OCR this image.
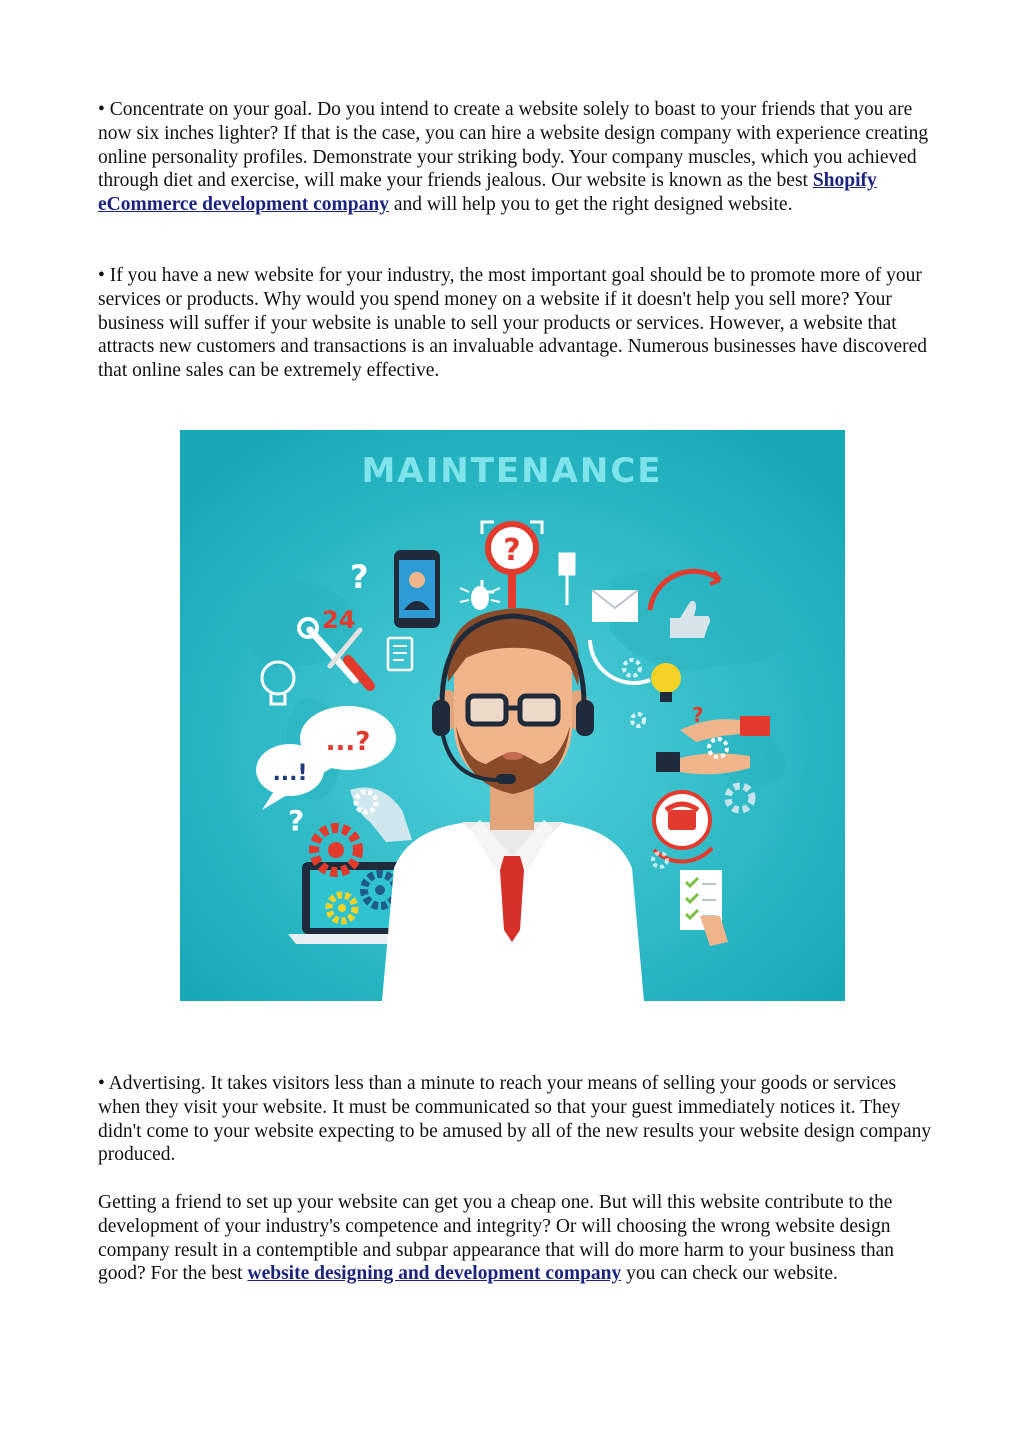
• Concentrate on your goal. Do you intend to create a website solely to boast to your friends that you are now six inches lighter? If that is the case, you can hire a website design company with experience creating online personality profiles. Demonstrate your striking body. Your company muscles, which you achieved through diet and exercise, will make your friends jealous. Our website is known as the best Shopify eCommerce development company and will help you to get the right designed website.

• If you have a new website for your industry, the most important goal should be to promote more of your services or products. Why would you spend money on a website if it doesn't help you sell more? Your business will suffer if your website is unable to sell your products or services. However, a website that attracts new customers and transactions is an invaluable advantage. Numerous businesses have discovered that online sales can be extremely effective.

MAINTENANCE
?
?
?
24
...?
...!
?

• Advertising. It takes visitors less than a minute to reach your means of selling your goods or services when they visit your website. It must be communicated so that your guest immediately notices it. They didn't come to your website expecting to be amused by all of the new results your website design company produced.

Getting a friend to set up your website can get you a cheap one. But will this website contribute to the development of your industry's competence and integrity? Or will choosing the wrong website design company result in a contemptible and subpar appearance that will do more harm to your business than good? For the best website designing and development company you can check our website.
